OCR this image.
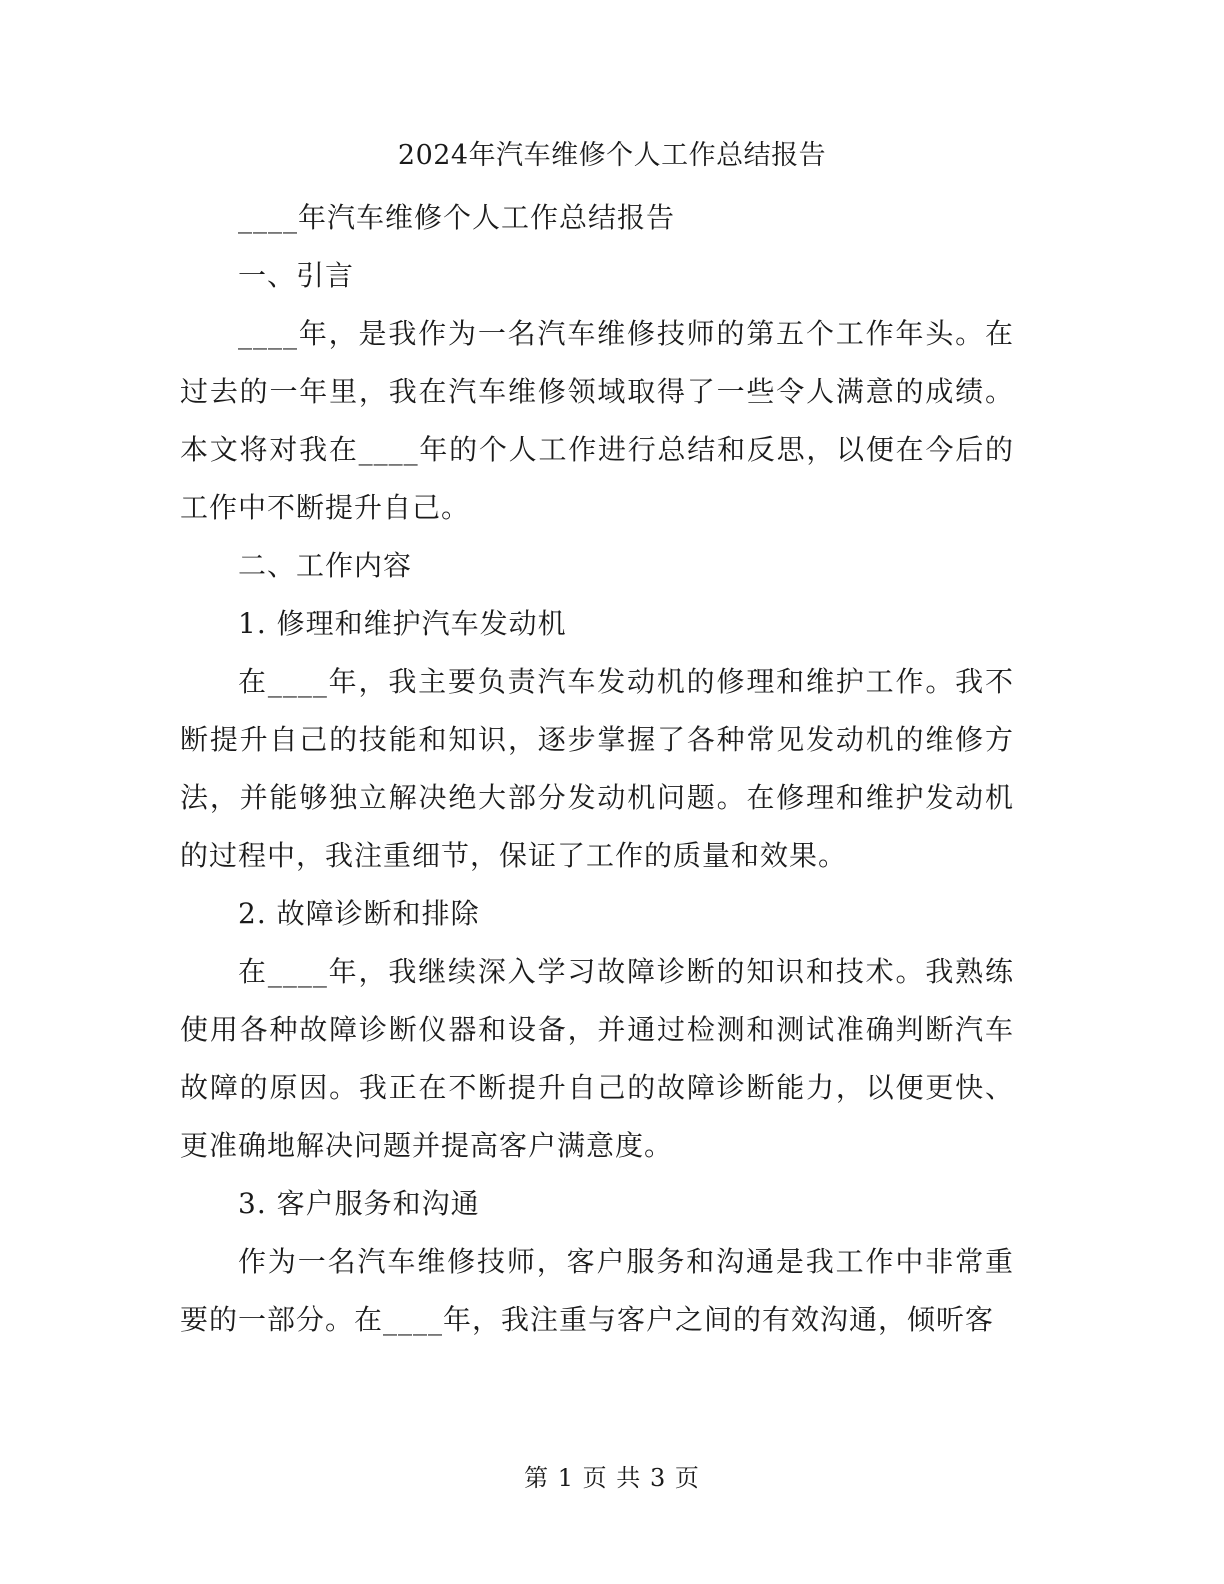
2024年汽车维修个人工作总结报告

____年汽车维修个人工作总结报告

一、引言

____年，是我作为一名汽车维修技师的第五个工作年头。在过去的一年里，我在汽车维修领域取得了一些令人满意的成绩。本文将对我在____年的个人工作进行总结和反思，以便在今后的工作中不断提升自己。

二、工作内容

1. 修理和维护汽车发动机

在____年，我主要负责汽车发动机的修理和维护工作。我不断提升自己的技能和知识，逐步掌握了各种常见发动机的维修方法，并能够独立解决绝大部分发动机问题。在修理和维护发动机的过程中，我注重细节，保证了工作的质量和效果。

2. 故障诊断和排除

在____年，我继续深入学习故障诊断的知识和技术。我熟练使用各种故障诊断仪器和设备，并通过检测和测试准确判断汽车故障的原因。我正在不断提升自己的故障诊断能力，以便更快、更准确地解决问题并提高客户满意度。

3. 客户服务和沟通

作为一名汽车维修技师，客户服务和沟通是我工作中非常重要的一部分。在____年，我注重与客户之间的有效沟通，倾听客

第 1 页 共 3 页
